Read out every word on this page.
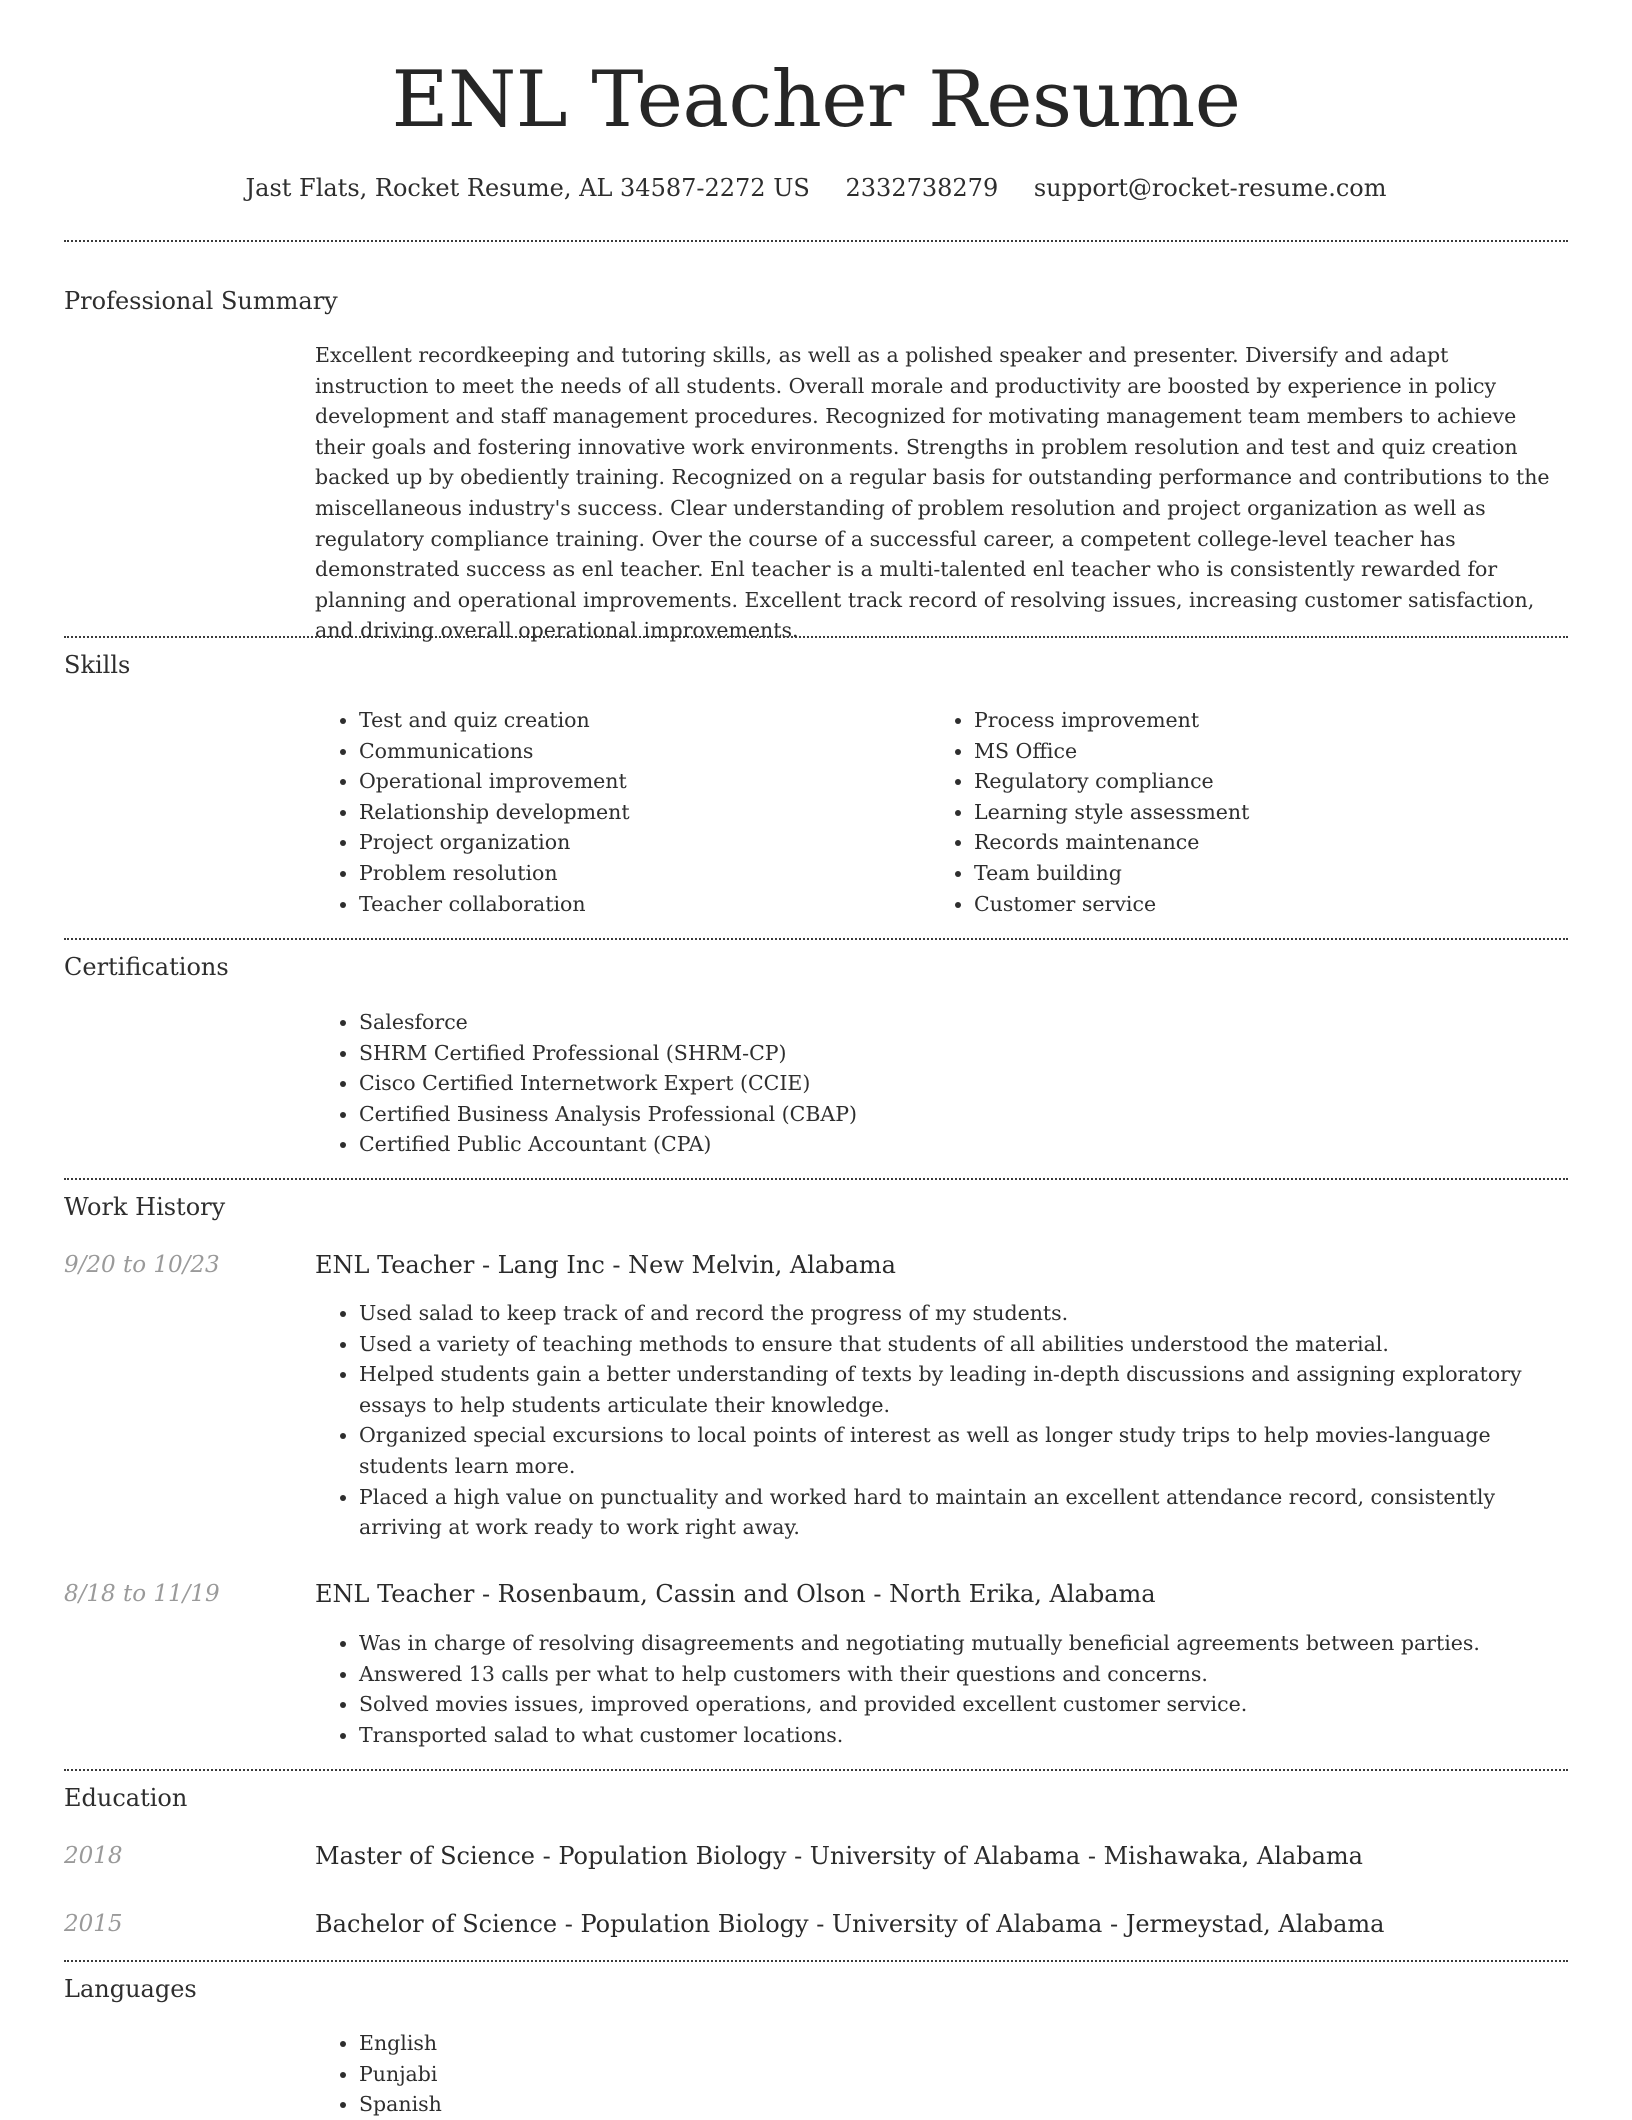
ENL Teacher Resume
Jast Flats, Rocket Resume, AL 34587-2272 US 2332738279 support@rocket-resume.com
Professional Summary

Excellent recordkeeping and tutoring skills, as well as a polished speaker and presenter. Diversify and adapt instruction to meet the needs of all students. Overall morale and productivity are boosted by experience in policy development and staff management procedures. Recognized for motivating management team members to achieve their goals and fostering innovative work environments. Strengths in problem resolution and test and quiz creation backed up by obediently training. Recognized on a regular basis for outstanding performance and contributions to the miscellaneous industry's success. Clear understanding of problem resolution and project organization as well as regulatory compliance training. Over the course of a successful career, a competent college-level teacher has demonstrated success as enl teacher. Enl teacher is a multi-talented enl teacher who is consistently rewarded for planning and operational improvements. Excellent track record of resolving issues, increasing customer satisfaction, and driving overall operational improvements.

Skills
• Test and quiz creation
• Communications
• Operational improvement
• Relationship development
• Project organization
• Problem resolution
• Teacher collaboration
• Process improvement
• MS Office
• Regulatory compliance
• Learning style assessment
• Records maintenance
• Team building
• Customer service
Certifications
• Salesforce
• SHRM Certified Professional (SHRM-CP)
• Cisco Certified Internetwork Expert (CCIE)
• Certified Business Analysis Professional (CBAP)
• Certified Public Accountant (CPA)
Work History
9/20 to 10/23	ENL Teacher - Lang Inc - New Melvin, Alabama
• Used salad to keep track of and record the progress of my students.
• Used a variety of teaching methods to ensure that students of all abilities understood the material.
• Helped students gain a better understanding of texts by leading in-depth discussions and assigning exploratory essays to help students articulate their knowledge.
• Organized special excursions to local points of interest as well as longer study trips to help movies-language students learn more.
• Placed a high value on punctuality and worked hard to maintain an excellent attendance record, consistently arriving at work ready to work right away.
8/18 to 11/19	ENL Teacher - Rosenbaum, Cassin and Olson - North Erika, Alabama
• Was in charge of resolving disagreements and negotiating mutually beneficial agreements between parties.
• Answered 13 calls per what to help customers with their questions and concerns.
• Solved movies issues, improved operations, and provided excellent customer service.
• Transported salad to what customer locations.
Education
2018	Master of Science - Population Biology - University of Alabama - Mishawaka, Alabama
2015	Bachelor of Science - Population Biology - University of Alabama - Jermeystad, Alabama
Languages
• English
• Punjabi
• Spanish
